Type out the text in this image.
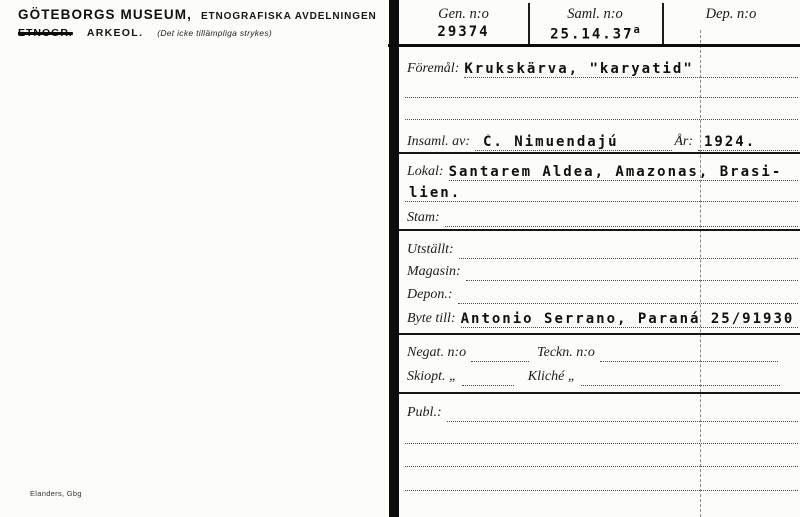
GÖTEBORGS MUSEUM, ETNOGRAFISKA AVDELNINGEN
ETNOGR. ARKEOL. (Det icke tillämpliga strykes)
Elanders, Gbg
Gen. n:o	Saml. n:o	Dep. n:o
29374	25.14.37$^a$
Föremål: Krukskärva, "karyatid"
Insaml. av: Ć. Nimuendajú	År: 1924.
Lokal: Santarem Aldea, Amazonas, Brasi-
lien.
Stam:
Utställt:
Magasin:
Depon.:
Byte till: Antonio Serrano, Paraná 25/91930
Negat. n:o	Teckn. n:o
Skiopt. „	Kliché „
Publ.:
